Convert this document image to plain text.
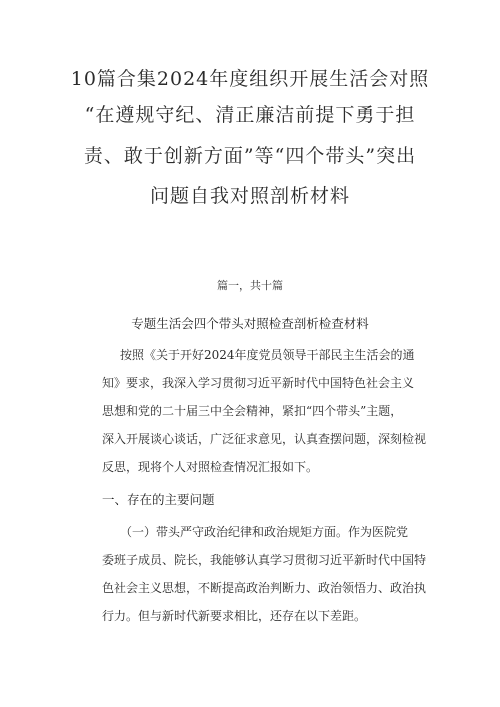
10篇合集2024年度组织开展生活会对照
“在遵规守纪、清正廉洁前提下勇于担
责、敢于创新方面”等“四个带头”突出
问题自我对照剖析材料
篇一，共十篇
专题生活会四个带头对照检查剖析检查材料
按照《关于开好2024年度党员领导干部民主生活会的通
知》要求，我深入学习贯彻习近平新时代中国特色社会主义
思想和党的二十届三中全会精神，紧扣“四个带头”主题，
深入开展谈心谈话，广泛征求意见，认真查摆问题，深刻检视
反思，现将个人对照检查情况汇报如下。
一、存在的主要问题
（一）带头严守政治纪律和政治规矩方面。作为医院党
委班子成员、院长，我能够认真学习贯彻习近平新时代中国特
色社会主义思想，不断提高政治判断力、政治领悟力、政治执
行力。但与新时代新要求相比，还存在以下差距。
